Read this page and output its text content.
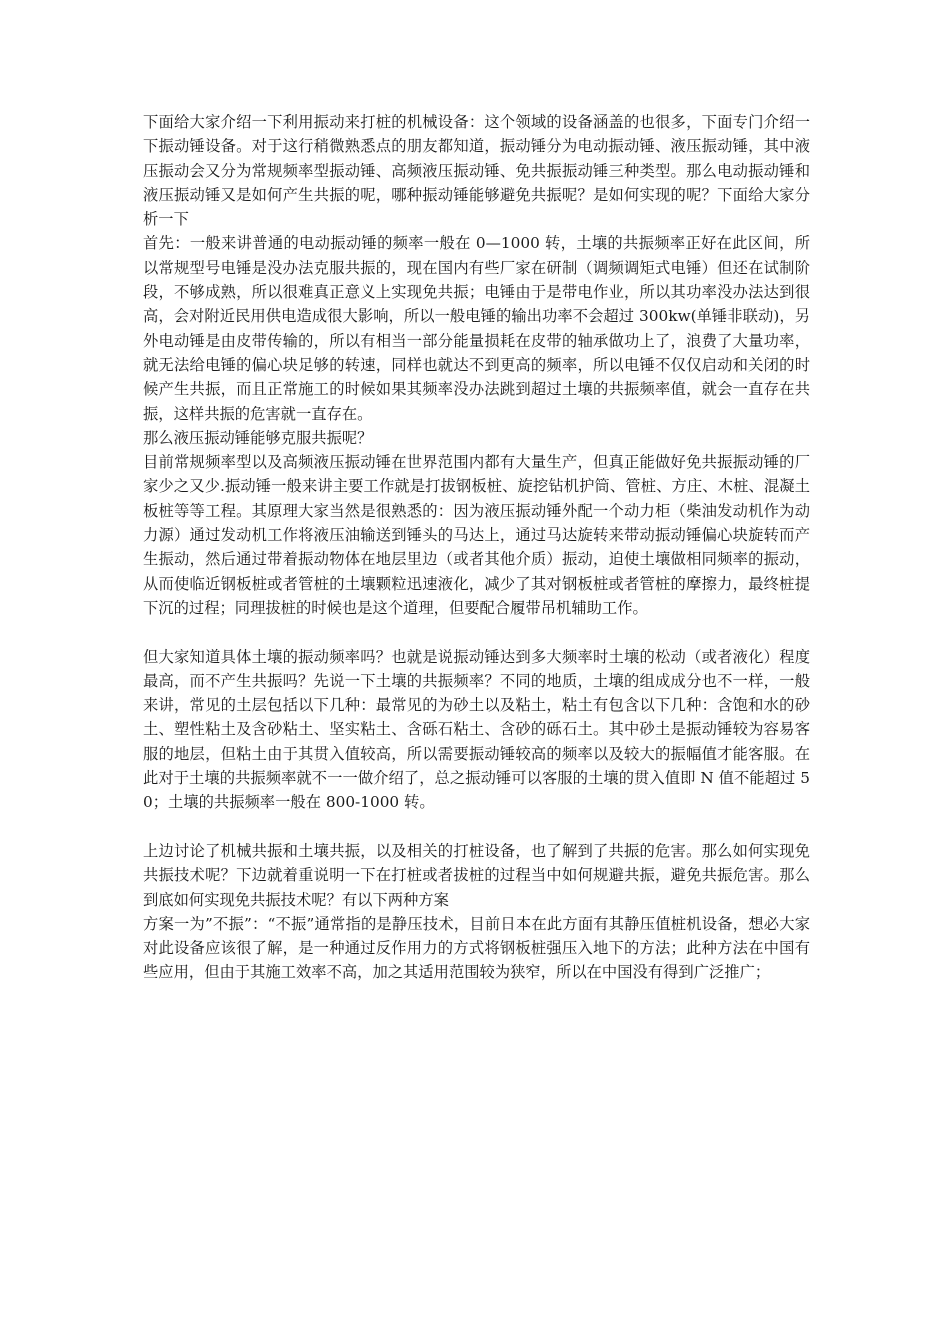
下面给大家介绍一下利用振动来打桩的机械设备：这个领域的设备涵盖的也很多，下面专门介绍一下振动锤设备。对于这行稍微熟悉点的朋友都知道，振动锤分为电动振动锤、液压振动锤，其中液压振动会又分为常规频率型振动锤、高频液压振动锤、免共振振动锤三种类型。那么电动振动锤和液压振动锤又是如何产生共振的呢，哪种振动锤能够避免共振呢？是如何实现的呢？下面给大家分析一下

首先：一般来讲普通的电动振动锤的频率一般在 0—1000 转，土壤的共振频率正好在此区间，所以常规型号电锤是没办法克服共振的，现在国内有些厂家在研制（调频调矩式电锤）但还在试制阶段，不够成熟，所以很难真正意义上实现免共振；电锤由于是带电作业，所以其功率没办法达到很高，会对附近民用供电造成很大影响，所以一般电锤的输出功率不会超过 300kw(单锤非联动)，另外电动锤是由皮带传输的，所以有相当一部分能量损耗在皮带的轴承做功上了，浪费了大量功率，就无法给电锤的偏心块足够的转速，同样也就达不到更高的频率，所以电锤不仅仅启动和关闭的时候产生共振，而且正常施工的时候如果其频率没办法跳到超过土壤的共振频率值，就会一直存在共振，这样共振的危害就一直存在。

那么液压振动锤能够克服共振呢？

目前常规频率型以及高频液压振动锤在世界范围内都有大量生产，但真正能做好免共振振动锤的厂家少之又少.振动锤一般来讲主要工作就是打拔钢板桩、旋挖钻机护筒、管桩、方庄、木桩、混凝土板桩等等工程。其原理大家当然是很熟悉的：因为液压振动锤外配一个动力柜（柴油发动机作为动力源）通过发动机工作将液压油输送到锤头的马达上，通过马达旋转来带动振动锤偏心块旋转而产生振动，然后通过带着振动物体在地层里边（或者其他介质）振动，迫使土壤做相同频率的振动，从而使临近钢板桩或者管桩的土壤颗粒迅速液化，减少了其对钢板桩或者管桩的摩擦力，最终桩提下沉的过程；同理拔桩的时候也是这个道理，但要配合履带吊机辅助工作。

但大家知道具体土壤的振动频率吗？也就是说振动锤达到多大频率时土壤的松动（或者液化）程度最高，而不产生共振吗？先说一下土壤的共振频率？不同的地质，土壤的组成成分也不一样，一般来讲，常见的土层包括以下几种：最常见的为砂土以及粘土，粘土有包含以下几种：含饱和水的砂土、塑性粘土及含砂粘土、坚实粘土、含砾石粘土、含砂的砾石土。其中砂土是振动锤较为容易客服的地层，但粘土由于其贯入值较高，所以需要振动锤较高的频率以及较大的振幅值才能客服。在此对于土壤的共振频率就不一一做介绍了，总之振动锤可以客服的土壤的贯入值即 N 值不能超过 50；土壤的共振频率一般在 800-1000 转。

上边讨论了机械共振和土壤共振，以及相关的打桩设备，也了解到了共振的危害。那么如何实现免共振技术呢？下边就着重说明一下在打桩或者拔桩的过程当中如何规避共振，避免共振危害。那么到底如何实现免共振技术呢？有以下两种方案

方案一为”不振”：“不振”通常指的是静压技术，目前日本在此方面有其静压值桩机设备，想必大家对此设备应该很了解，是一种通过反作用力的方式将钢板桩强压入地下的方法；此种方法在中国有些应用，但由于其施工效率不高，加之其适用范围较为狭窄，所以在中国没有得到广泛推广；
